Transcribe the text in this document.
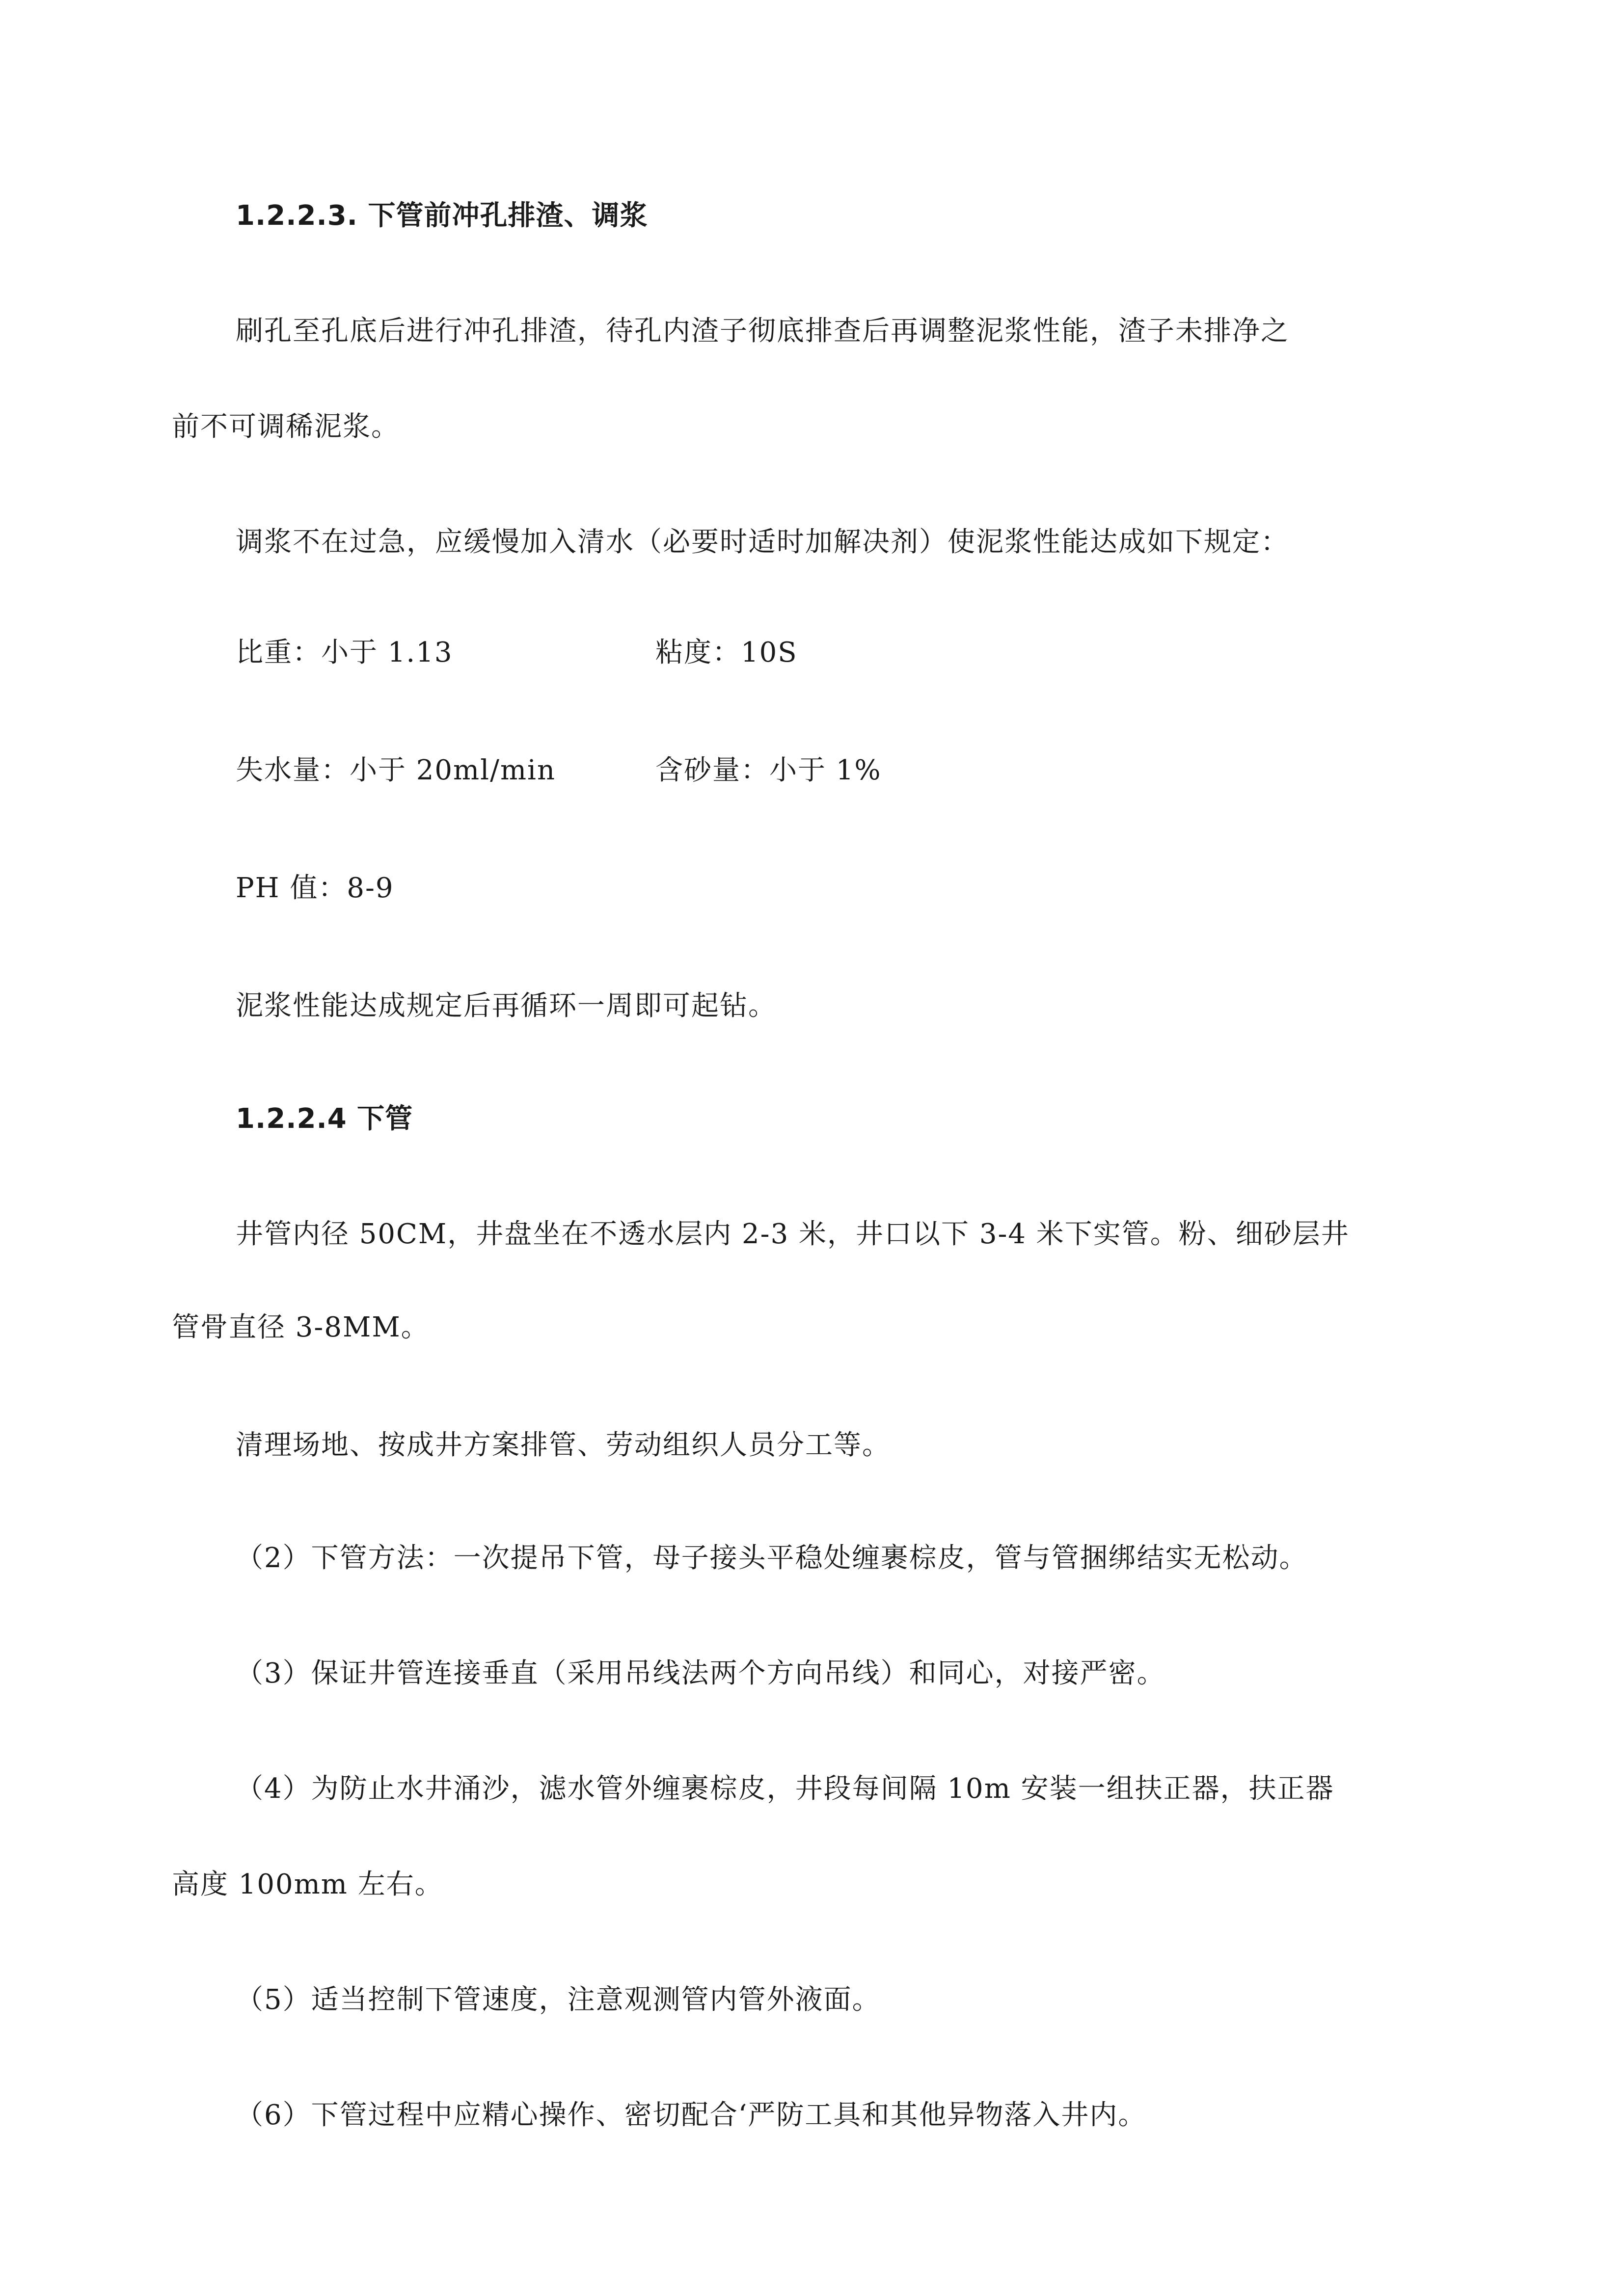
1.2.2.3. 下管前冲孔排渣、调浆
刷孔至孔底后进行冲孔排渣，待孔内渣子彻底排查后再调整泥浆性能，渣子未排净之
前不可调稀泥浆。
调浆不在过急，应缓慢加入清水（必要时适时加解决剂）使泥浆性能达成如下规定：
比重：小于 1.13	粘度：10S
失水量：小于 20ml/min	含砂量：小于 1%
PH 值：8-9
泥浆性能达成规定后再循环一周即可起钻。
1.2.2.4 下管
井管内径 50CM，井盘坐在不透水层内 2-3 米，井口以下 3-4 米下实管。粉、细砂层井
管骨直径 3-8MM。
清理场地、按成井方案排管、劳动组织人员分工等。
（2）下管方法：一次提吊下管，母子接头平稳处缠裹棕皮，管与管捆绑结实无松动。
（3）保证井管连接垂直（采用吊线法两个方向吊线）和同心，对接严密。
（4）为防止水井涌沙，滤水管外缠裹棕皮，井段每间隔 10m 安装一组扶正器，扶正器
高度 100mm 左右。
（5）适当控制下管速度，注意观测管内管外液面。
（6）下管过程中应精心操作、密切配合‘严防工具和其他异物落入井内。
